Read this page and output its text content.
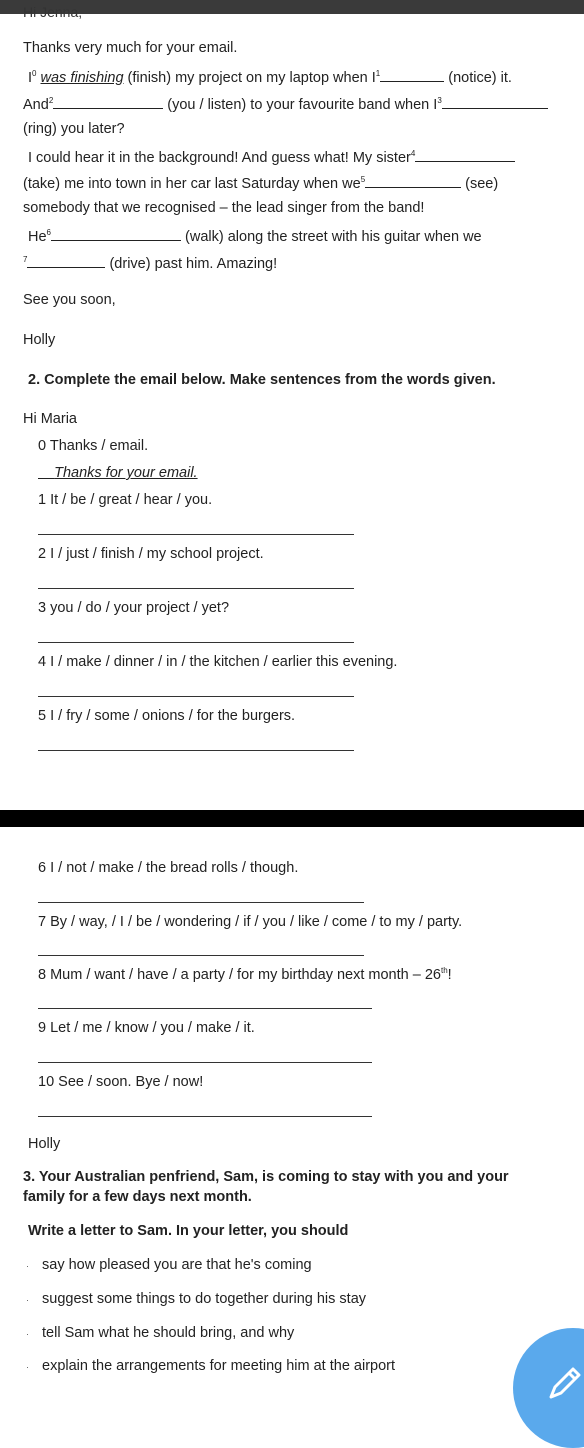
Hi Jenna,
Thanks very much for your email.
$I^0$ was finishing (finish) my project on my laptop when $I^1$	(notice) it.
And$^2$	(you / listen) to your favourite band when $I^3$
(ring) you later?
I could hear it in the background! And guess what! My sister$^4$
(take) me into town in her car last Saturday when $we^5$	(see)
somebody that we recognised – the lead singer from the band!
He$^6$	(walk) along the street with his guitar when we
$^7$	(drive) past him. Amazing!
See you soon,
Holly
2. Complete the email below. Make sentences from the words given.
Hi Maria
0 Thanks / email.
Thanks for your email.
1 It / be / great / hear / you.
2 I / just / finish / my school project.
3 you / do / your project / yet?
4 I / make / dinner / in / the kitchen / earlier this evening.
5 I / fry / some / onions / for the burgers.
6 I / not / make / the bread rolls / though.
7 By / way, / I / be / wondering / if / you / like / come / to my / party.
8 Mum / want / have / a party / for my birthday next month – 26th!
9 Let / me / know / you / make / it.
10 See / soon. Bye / now!
Holly
3. Your Australian penfriend, Sam, is coming to stay with you and your
family for a few days next month.
Write a letter to Sam. In your letter, you should
· say how pleased you are that he's coming
· suggest some things to do together during his stay
· tell Sam what he should bring, and why
· explain the arrangements for meeting him at the airport
